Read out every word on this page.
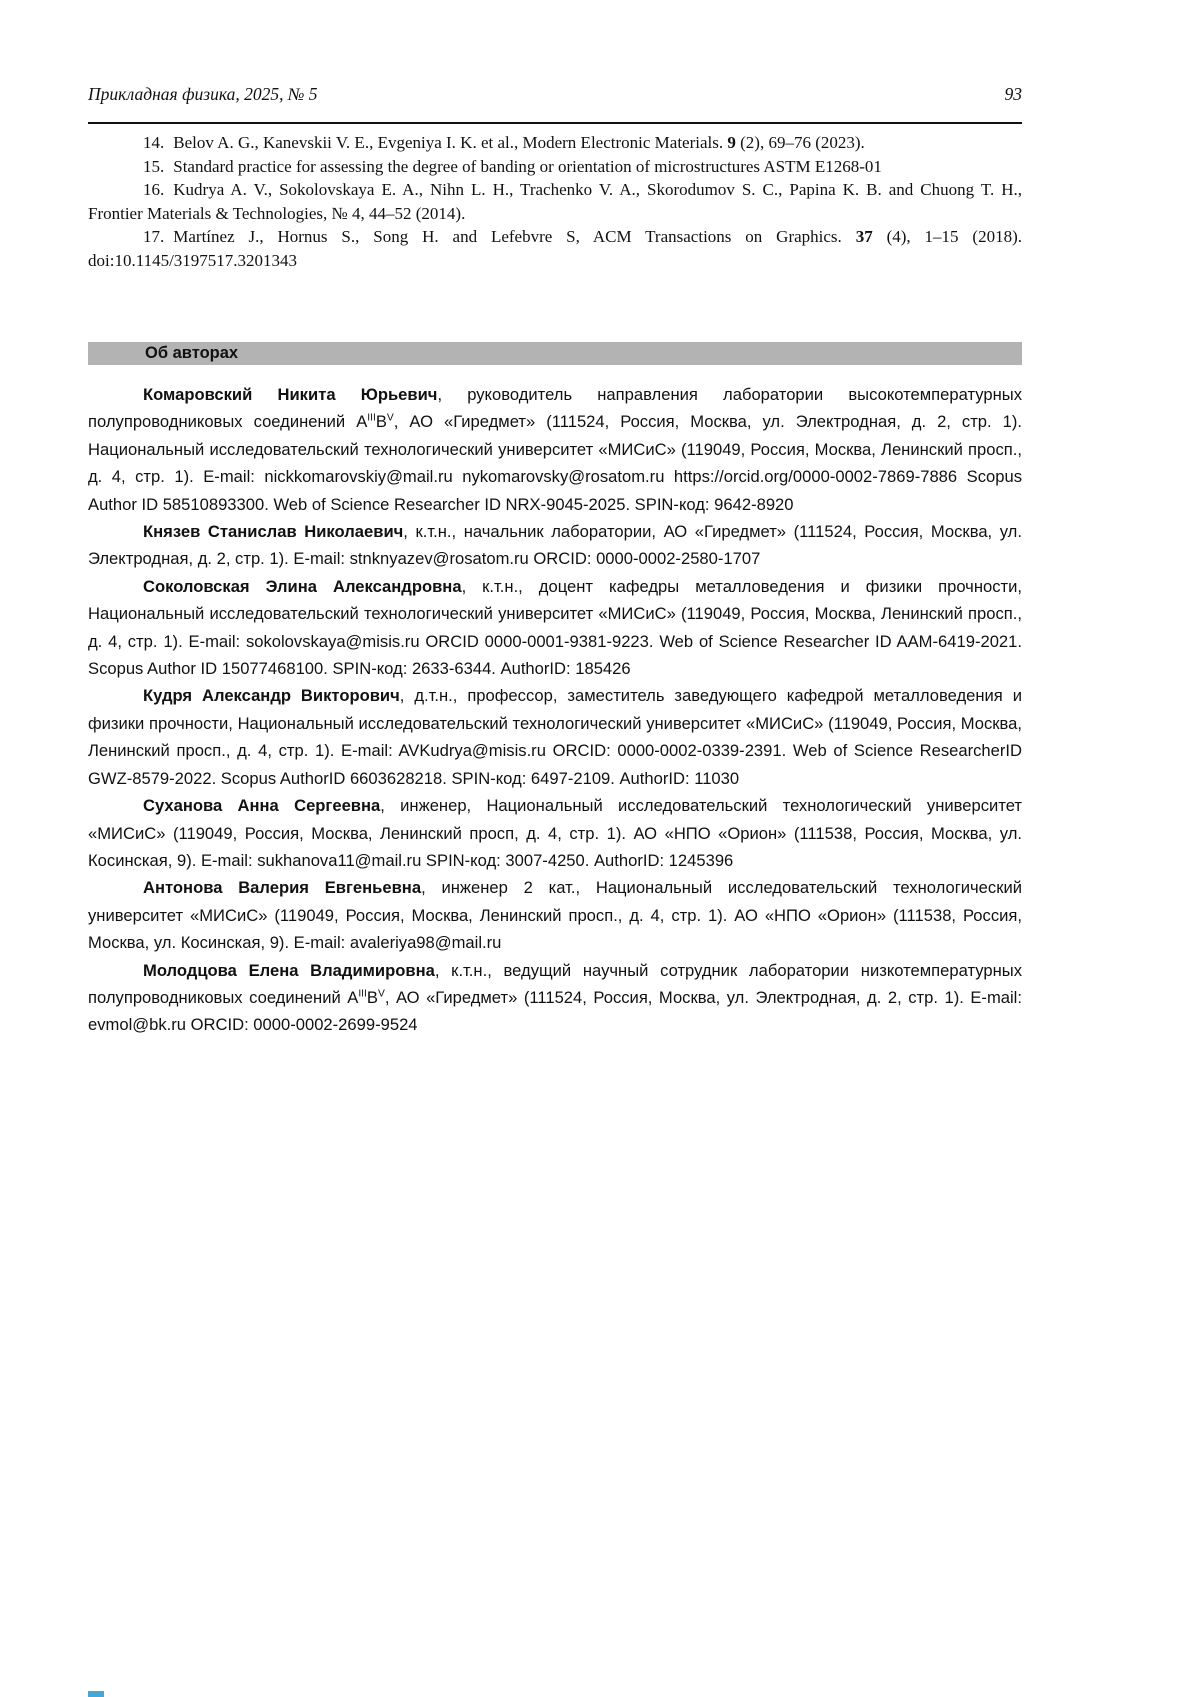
Прикладная физика, 2025, № 5	93

14. Belov A. G., Kanevskii V. E., Evgeniya I. K. et al., Modern Electronic Materials. 9 (2), 69–76 (2023).

15. Standard practice for assessing the degree of banding or orientation of microstructures ASTM E1268-01

16. Kudrya A. V., Sokolovskaya E. A., Nihn L. H., Trachenko V. A., Skorodumov S. C., Papina K. B. and Chuong T. H., Frontier Materials & Technologies, № 4, 44–52 (2014).

17. Martínez J., Hornus S., Song H. and Lefebvre S, ACM Transactions on Graphics. 37 (4), 1–15 (2018). doi:10.1145/3197517.3201343

Об авторах

Комаровский Никита Юрьевич, руководитель направления лаборатории высокотемпературных полупроводниковых соединений $A^{III}B^V$, АО «Гиредмет» (111524, Россия, Москва, ул. Электродная, д. 2, стр. 1). Национальный исследовательский технологический университет «МИСиС» (119049, Россия, Москва, Ленинский просп., д. 4, стр. 1). E-mail: nickkomarovskiy@mail.ru nykomarovsky@rosatom.ru https://orcid.org/0000-0002-7869-7886 Scopus Author ID 58510893300. Web of Science Researcher ID NRX-9045-2025. SPIN-код: 9642-8920

Князев Станислав Николаевич, к.т.н., начальник лаборатории, АО «Гиредмет» (111524, Россия, Москва, ул. Электродная, д. 2, стр. 1). E-mail: stnknyazev@rosatom.ru ORCID: 0000-0002-2580-1707

Соколовская Элина Александровна, к.т.н., доцент кафедры металловедения и физики прочности, Национальный исследовательский технологический университет «МИСиС» (119049, Россия, Москва, Ленинский просп., д. 4, стр. 1). E-mail: sokolovskaya@misis.ru ORCID 0000-0001-9381-9223. Web of Science Researcher ID AAM-6419-2021. Scopus Author ID 15077468100. SPIN-код: 2633-6344. AuthorID: 185426

Кудря Александр Викторович, д.т.н., профессор, заместитель заведующего кафедрой металловедения и физики прочности, Национальный исследовательский технологический университет «МИСиС» (119049, Россия, Москва, Ленинский просп., д. 4, стр. 1). E-mail: AVKudrya@misis.ru ORCID: 0000-0002-0339-2391. Web of Science ResearcherID GWZ-8579-2022. Scopus AuthorID 6603628218. SPIN-код: 6497-2109. AuthorID: 11030

Суханова Анна Сергеевна, инженер, Национальный исследовательский технологический университет «МИСиС» (119049, Россия, Москва, Ленинский просп, д. 4, стр. 1). АО «НПО «Орион» (111538, Россия, Москва, ул. Косинская, 9). E-mail: sukhanova11@mail.ru SPIN-код: 3007-4250. AuthorID: 1245396

Антонова Валерия Евгеньевна, инженер 2 кат., Национальный исследовательский технологический университет «МИСиС» (119049, Россия, Москва, Ленинский просп., д. 4, стр. 1). АО «НПО «Орион» (111538, Россия, Москва, ул. Косинская, 9). E-mail: avaleriya98@mail.ru

Молодцова Елена Владимировна, к.т.н., ведущий научный сотрудник лаборатории низкотемпературных полупроводниковых соединений $A^{III}B^V$, АО «Гиредмет» (111524, Россия, Москва, ул. Электродная, д. 2, стр. 1). E-mail: evmol@bk.ru ORCID: 0000-0002-2699-9524
